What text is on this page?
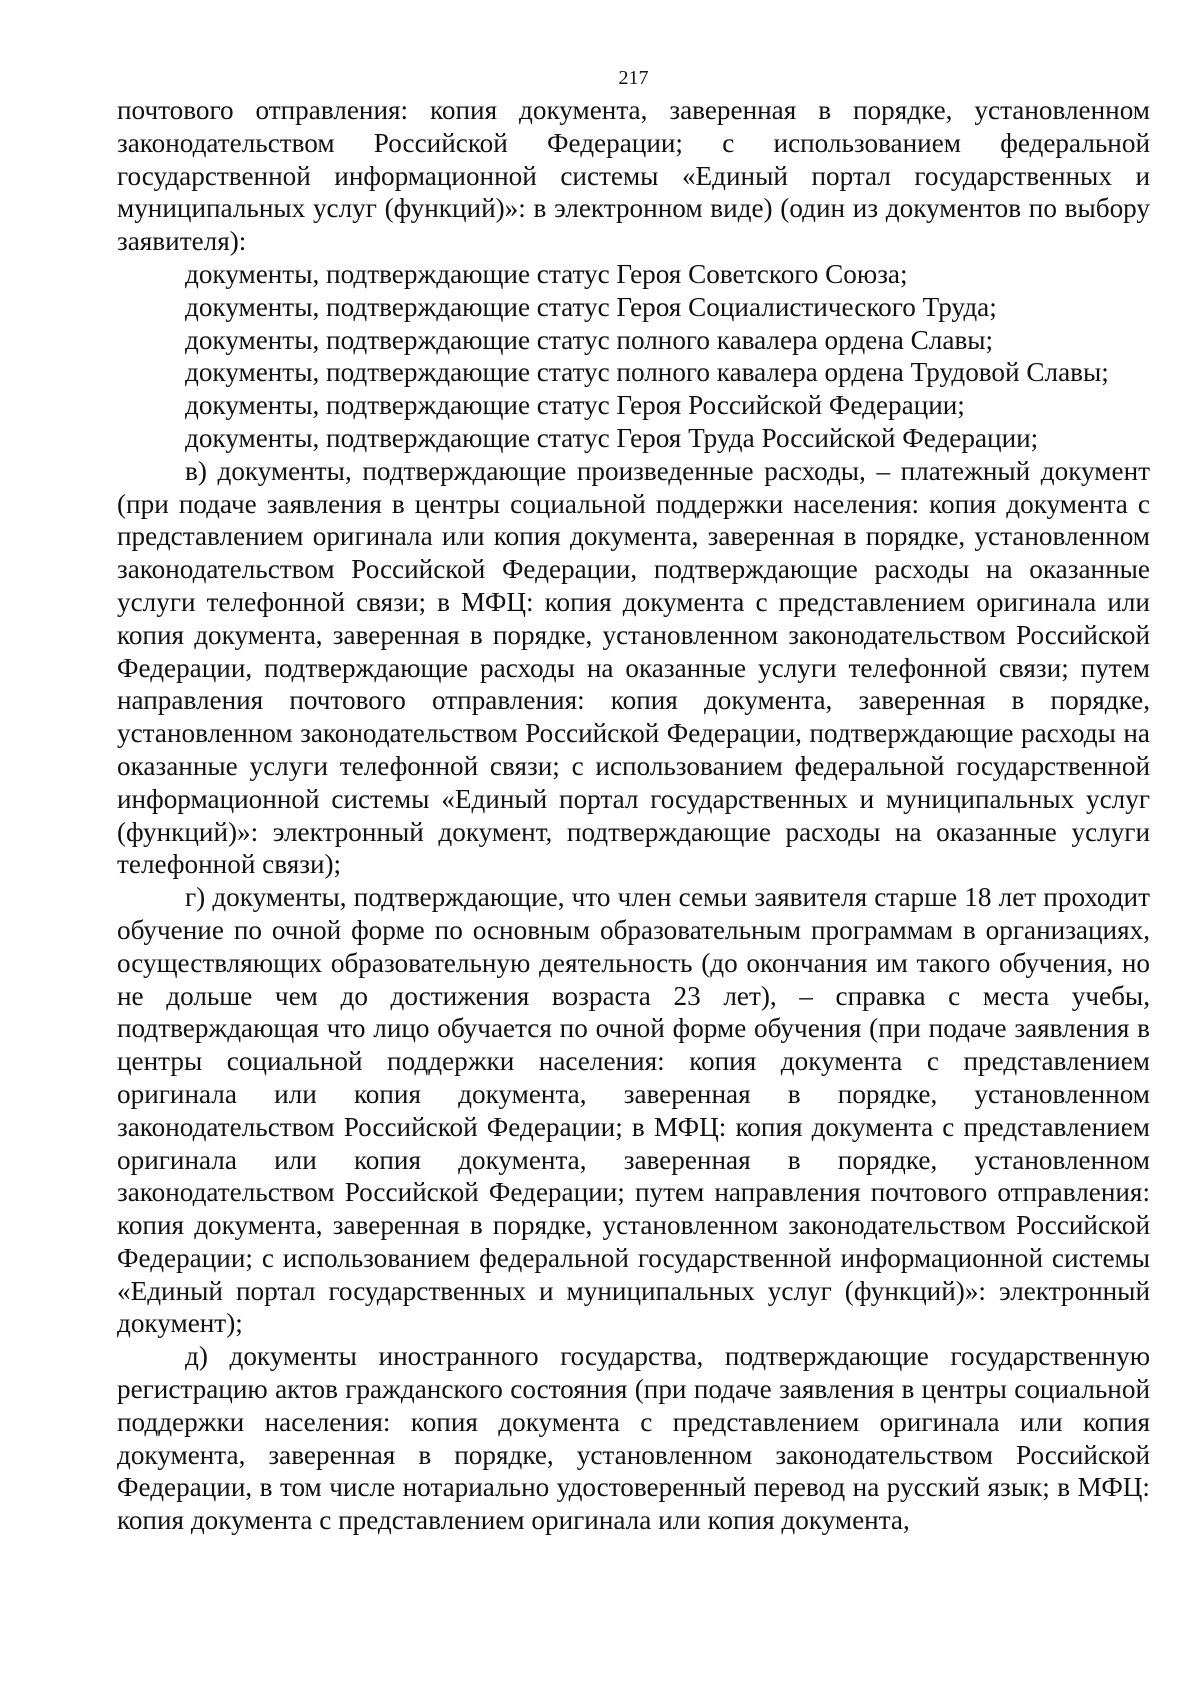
217

почтового отправления: копия документа, заверенная в порядке, установленном законодательством Российской Федерации; с использованием федеральной государственной информационной системы «Единый портал государственных и муниципальных услуг (функций)»: в электронном виде) (один из документов по выбору заявителя):

документы, подтверждающие статус Героя Советского Союза;

документы, подтверждающие статус Героя Социалистического Труда;

документы, подтверждающие статус полного кавалера ордена Славы;

документы, подтверждающие статус полного кавалера ордена Трудовой Славы;

документы, подтверждающие статус Героя Российской Федерации;

документы, подтверждающие статус Героя Труда Российской Федерации;

в) документы, подтверждающие произведенные расходы, – платежный документ (при подаче заявления в центры социальной поддержки населения: копия документа с представлением оригинала или копия документа, заверенная в порядке, установленном законодательством Российской Федерации, подтверждающие расходы на оказанные услуги телефонной связи; в МФЦ: копия документа с представлением оригинала или копия документа, заверенная в порядке, установленном законодательством Российской Федерации, подтверждающие расходы на оказанные услуги телефонной связи; путем направления почтового отправления: копия документа, заверенная в порядке, установленном законодательством Российской Федерации, подтверждающие расходы на оказанные услуги телефонной связи; с использованием федеральной государственной информационной системы «Единый портал государственных и муниципальных услуг (функций)»: электронный документ, подтверждающие расходы на оказанные услуги телефонной связи);

г) документы, подтверждающие, что член семьи заявителя старше 18 лет проходит обучение по очной форме по основным образовательным программам в организациях, осуществляющих образовательную деятельность (до окончания им такого обучения, но не дольше чем до достижения возраста 23 лет), – справка с места учебы, подтверждающая что лицо обучается по очной форме обучения (при подаче заявления в центры социальной поддержки населения: копия документа с представлением оригинала или копия документа, заверенная в порядке, установленном законодательством Российской Федерации; в МФЦ: копия документа с представлением оригинала или копия документа, заверенная в порядке, установленном законодательством Российской Федерации; путем направления почтового отправления: копия документа, заверенная в порядке, установленном законодательством Российской Федерации; с использованием федеральной государственной информационной системы «Единый портал государственных и муниципальных услуг (функций)»: электронный документ);

д) документы иностранного государства, подтверждающие государственную регистрацию актов гражданского состояния (при подаче заявления в центры социальной поддержки населения: копия документа с представлением оригинала или копия документа, заверенная в порядке, установленном законодательством Российской Федерации, в том числе нотариально удостоверенный перевод на русский язык; в МФЦ: копия документа с представлением оригинала или копия документа,
